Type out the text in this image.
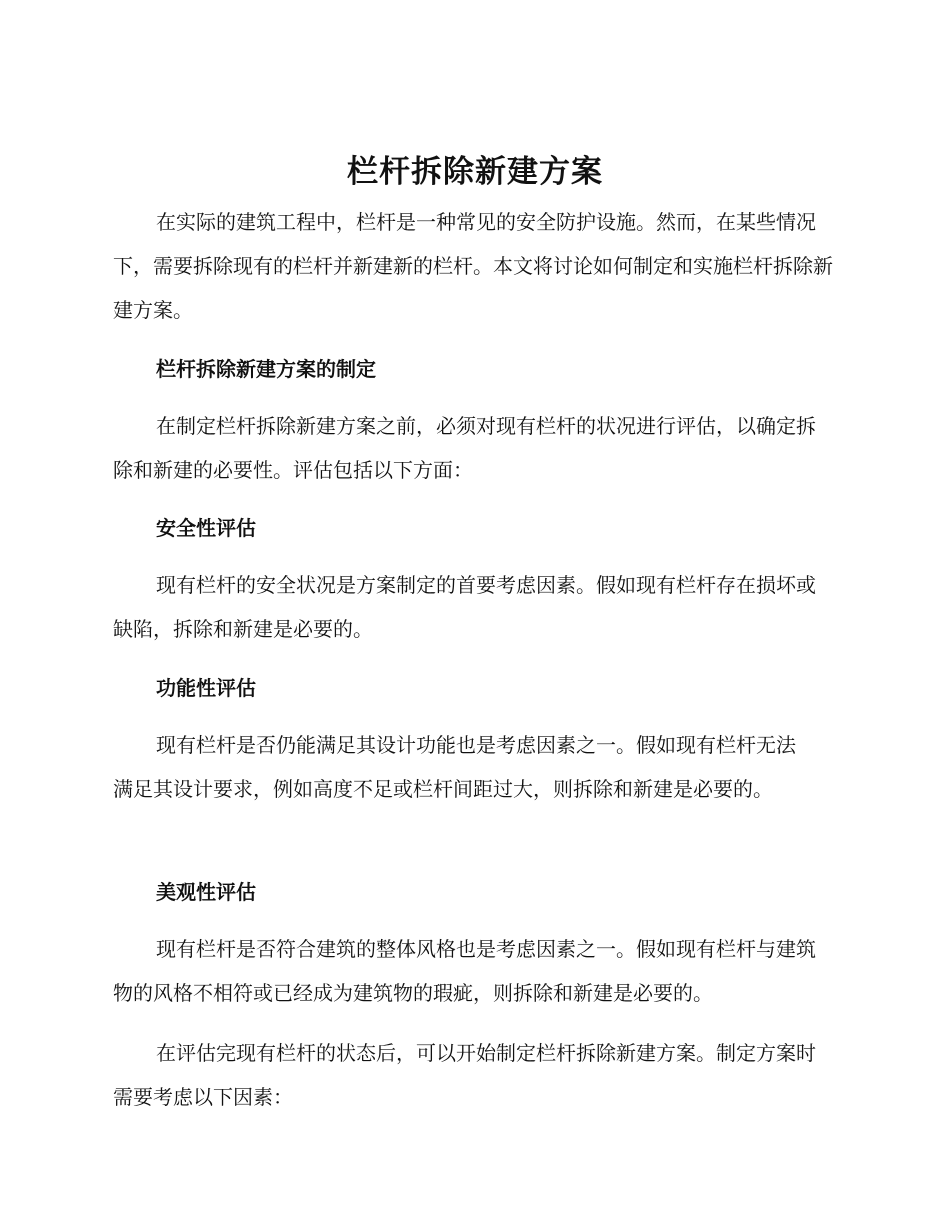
栏杆拆除新建方案

在实际的建筑工程中，栏杆是一种常见的安全防护设施。然而，在某些情况下，需要拆除现有的栏杆并新建新的栏杆。本文将讨论如何制定和实施栏杆拆除新建方案。

栏杆拆除新建方案的制定

在制定栏杆拆除新建方案之前，必须对现有栏杆的状况进行评估，以确定拆除和新建的必要性。评估包括以下方面：

安全性评估

现有栏杆的安全状况是方案制定的首要考虑因素。假如现有栏杆存在损坏或缺陷，拆除和新建是必要的。

功能性评估

现有栏杆是否仍能满足其设计功能也是考虑因素之一。假如现有栏杆无法满足其设计要求，例如高度不足或栏杆间距过大，则拆除和新建是必要的。

美观性评估

现有栏杆是否符合建筑的整体风格也是考虑因素之一。假如现有栏杆与建筑物的风格不相符或已经成为建筑物的瑕疵，则拆除和新建是必要的。

在评估完现有栏杆的状态后，可以开始制定栏杆拆除新建方案。制定方案时需要考虑以下因素：
